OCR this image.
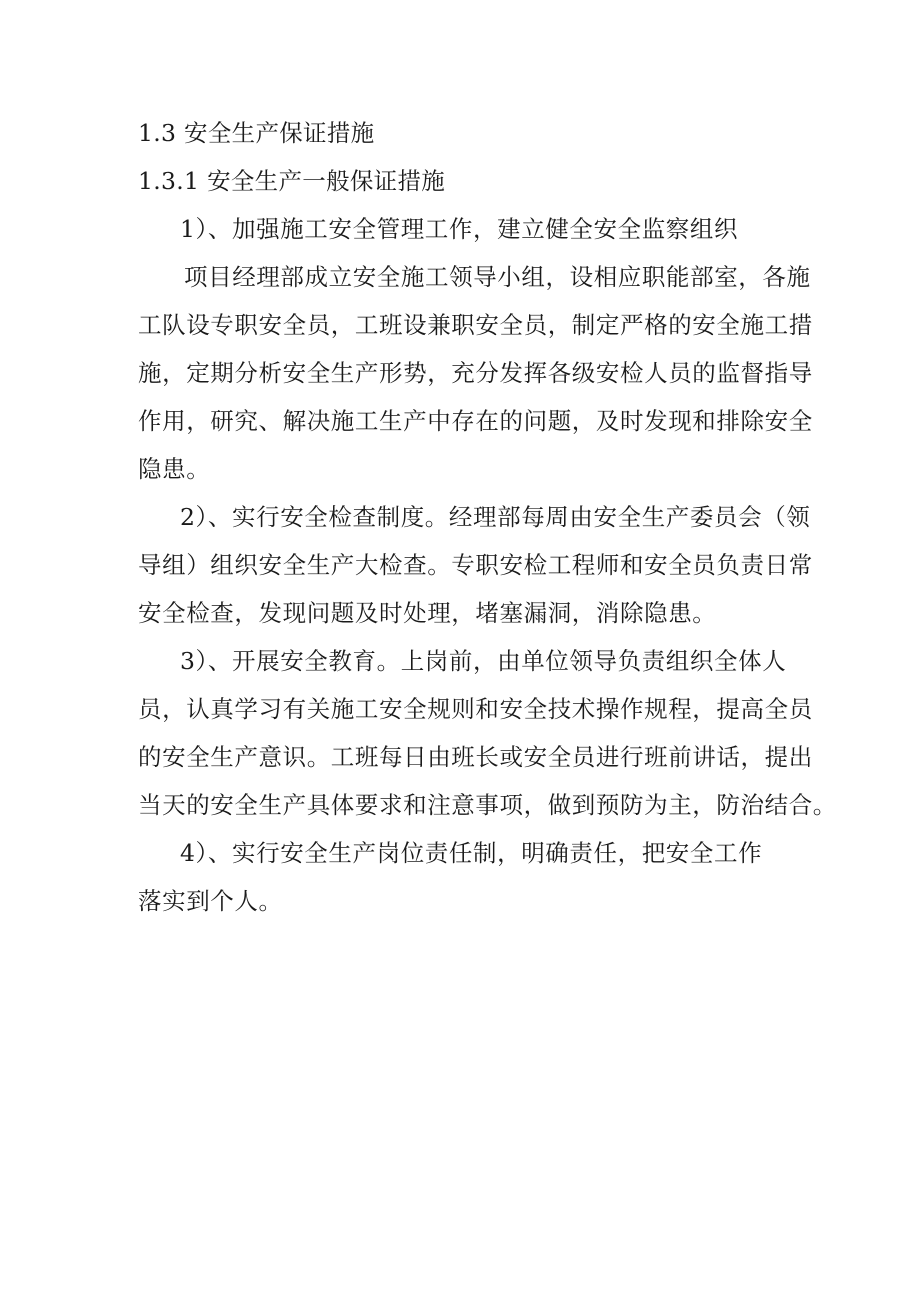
1.3 安全生产保证措施

1.3.1 安全生产一般保证措施

1）、加强施工安全管理工作，建立健全安全监察组织

项目经理部成立安全施工领导小组，设相应职能部室，各施

工队设专职安全员，工班设兼职安全员，制定严格的安全施工措

施，定期分析安全生产形势，充分发挥各级安检人员的监督指导

作用，研究、解决施工生产中存在的问题，及时发现和排除安全

隐患。

2）、实行安全检查制度。经理部每周由安全生产委员会（领

导组）组织安全生产大检查。专职安检工程师和安全员负责日常

安全检查，发现问题及时处理，堵塞漏洞，消除隐患。

3）、开展安全教育。上岗前，由单位领导负责组织全体人

员，认真学习有关施工安全规则和安全技术操作规程，提高全员

的安全生产意识。工班每日由班长或安全员进行班前讲话，提出

当天的安全生产具体要求和注意事项，做到预防为主，防治结合。

4）、实行安全生产岗位责任制，明确责任，把安全工作

落实到个人。
